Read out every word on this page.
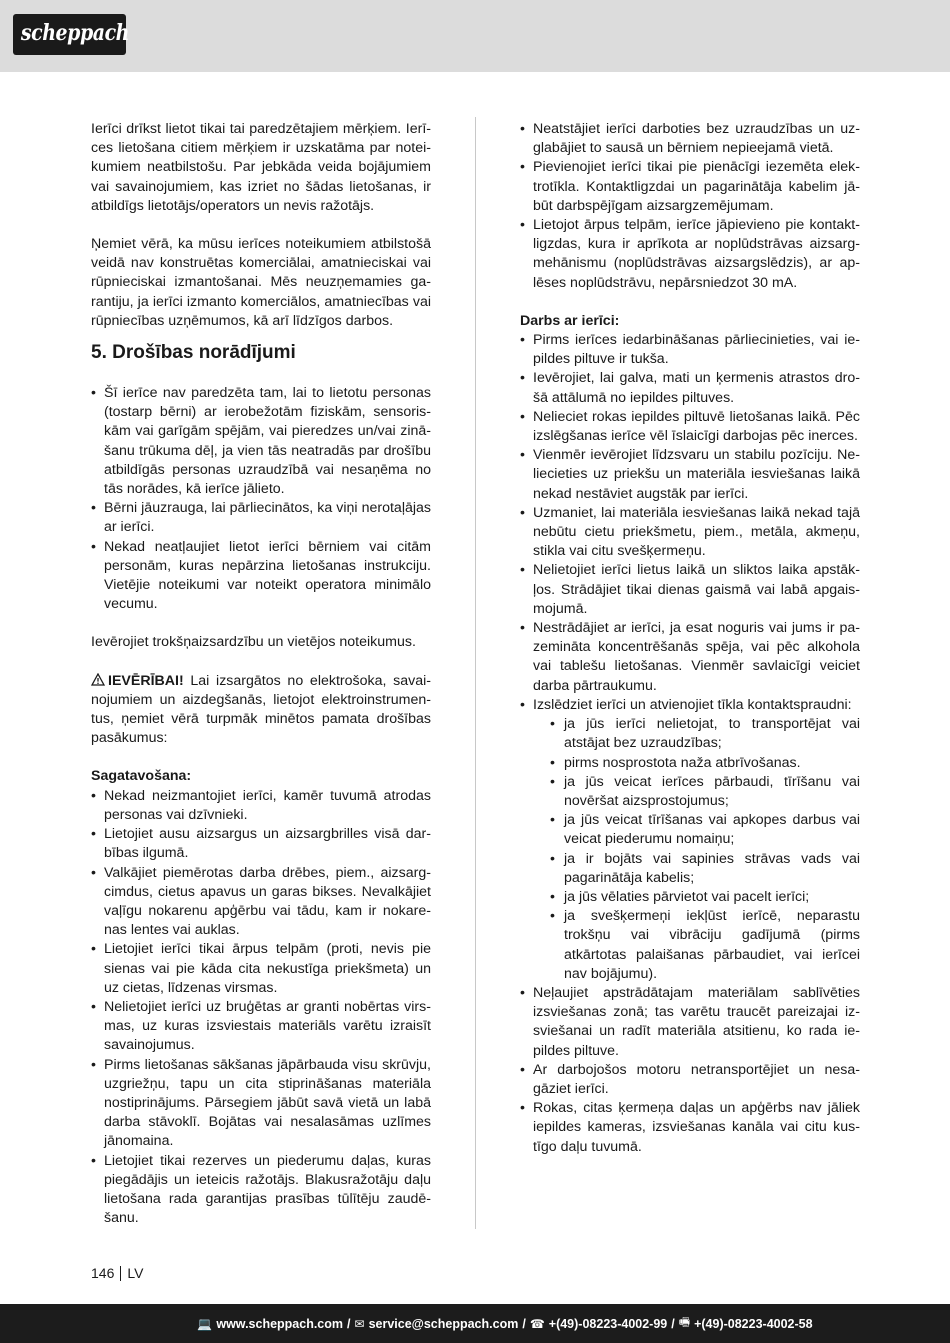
scheppach

Ierīci drīkst lietot tikai tai paredzētajiem mērķiem. Ierīces lietošana citiem mērķiem ir uzskatāma par noteikumiem neatbilstošu. Par jebkāda veida bojājumiem vai savainojumiem, kas izriet no šādas lietošanas, ir atbildīgs lietotājs/operators un nevis ražotājs.

Ņemiet vērā, ka mūsu ierīces noteikumiem atbilstošā veidā nav konstruētas komerciālai, amatnieciskai vai rūpnieciskai izmantošanai. Mēs neuzņemamies garantiju, ja ierīci izmanto komerciālos, amatniecības vai rūpniecības uzņēmumos, kā arī līdzīgos darbos.

5. Drošības norādījumi
• Šī ierīce nav paredzēta tam, lai to lietotu personas (tostarp bērni) ar ierobežotām fiziskām, sensoriskām vai garīgām spējām, vai pieredzes un/vai zināšanu trūkuma dēļ, ja vien tās neatradās par drošību atbildīgās personas uzraudzībā vai nesaņēma no tās norādes, kā ierīce jālieto.
• Bērni jāuzrauga, lai pārliecinātos, ka viņi nerotaļājas ar ierīci.
• Nekad neatļaujiet lietot ierīci bērniem vai citām personām, kuras nepārzina lietošanas instrukciju. Vietējie noteikumi var noteikt operatora minimālo vecumu.

Ievērojiet trokšņaizsardzību un vietējos noteikumus.

IEVĒRĪBAI! Lai izsargātos no elektrošoka, savainojumiem un aizdegšanās, lietojot elektroinstrumentus, ņemiet vērā turpmāk minētos pamata drošības pasākumus:

Sagatavošana:

• Nekad neizmantojiet ierīci, kamēr tuvumā atrodas personas vai dzīvnieki.
• Lietojiet ausu aizsargus un aizsargbrilles visā darbības ilgumā.
• Valkājiet piemērotas darba drēbes, piem., aizsargcimdus, cietus apavus un garas bikses. Nevalkājiet vaļīgu nokarenu apģērbu vai tādu, kam ir nokarenas lentes vai auklas.
• Lietojiet ierīci tikai ārpus telpām (proti, nevis pie sienas vai pie kāda cita nekustīga priekšmeta) un uz cietas, līdzenas virsmas.
• Nelietojiet ierīci uz bruģētas ar granti nobērtas virsmas, uz kuras izsviestais materiāls varētu izraisīt savainojumus.
• Pirms lietošanas sākšanas jāpārbauda visu skrūvju, uzgriežņu, tapu un cita stiprināšanas materiāla nostiprinājums. Pārsegiem jābūt savā vietā un labā darba stāvoklī. Bojātas vai nesalasāmas uzlīmes jānomaina.
• Lietojiet tikai rezerves un piederumu daļas, kuras piegādājis un ieteicis ražotājs. Blakusražotāju daļu lietošana rada garantijas prasības tūlītēju zaudēšanu.
• Neatstājiet ierīci darboties bez uzraudzības un uzglabājiet to sausā un bērniem nepieejamā vietā.
• Pievienojiet ierīci tikai pie pienācīgi iezemēta elektrotīkla. Kontaktligzdai un pagarinātāja kabelim jābūt darbspējīgam aizsargzemējumam.
• Lietojot ārpus telpām, ierīce jāpievieno pie kontaktligzdas, kura ir aprīkota ar noplūdstrāvas aizsargmehānismu (noplūdstrāvas aizsargslēdzis), ar aplēses noplūdstrāvu, nepārsniedzot 30 mA.

Darbs ar ierīci:

• Pirms ierīces iedarbināšanas pārliecinieties, vai iepildes piltuve ir tukša.
• Ievērojiet, lai galva, mati un ķermenis atrastos drošā attālumā no iepildes piltuves.
• Nelieciet rokas iepildes piltuvē lietošanas laikā. Pēc izslēgšanas ierīce vēl īslaicīgi darbojas pēc inerces.
• Vienmēr ievērojiet līdzsvaru un stabilu pozīciju. Neliecieties uz priekšu un materiāla iesviešanas laikā nekad nestāviet augstāk par ierīci.
• Uzmaniet, lai materiāla iesviešanas laikā nekad tajā nebūtu cietu priekšmetu, piem., metāla, akmeņu, stikla vai citu svešķermeņu.
• Nelietojiet ierīci lietus laikā un sliktos laika apstākļos. Strādājiet tikai dienas gaismā vai labā apgaismojumā.
• Nestrādājiet ar ierīci, ja esat noguris vai jums ir pazemināta koncentrēšanās spēja, vai pēc alkohola vai tablešu lietošanas. Vienmēr savlaicīgi veiciet darba pārtraukumu.
• Izslēdziet ierīci un atvienojiet tīkla kontaktspraudni:
• ja jūs ierīci nelietojat, to transportējat vai atstājat bez uzraudzības;
• pirms nosprostota naža atbrīvošanas.
• ja jūs veicat ierīces pārbaudi, tīrīšanu vai novēršat aizsprostojumus;
• ja jūs veicat tīrīšanas vai apkopes darbus vai veicat piederumu nomaiņu;
• ja ir bojāts vai sapinies strāvas vads vai pagarinātāja kabelis;
• ja jūs vēlaties pārvietot vai pacelt ierīci;
• ja svešķermeņi iekļūst ierīcē, neparastu trokšņu vai vibrāciju gadījumā (pirms atkārtotas palaišanas pārbaudiet, vai ierīcei nav bojājumu).
• Neļaujiet apstrādātajam materiālam sablīvēties izsviešanas zonā; tas varētu traucēt pareizajai izsviešanai un radīt materiāla atsitienu, ko rada iepildes piltuve.
• Ar darbojošos motoru netransportējiet un nesagāziet ierīci.
• Rokas, citas ķermeņa daļas un apģērbs nav jāliek iepildes kameras, izsviešanas kanāla vai citu kustīgo daļu tuvumā.
146 LV
💻 www.scheppach.com / ✉ service@scheppach.com / ☎ +(49)-08223-4002-99 / 🖷 +(49)-08223-4002-58
